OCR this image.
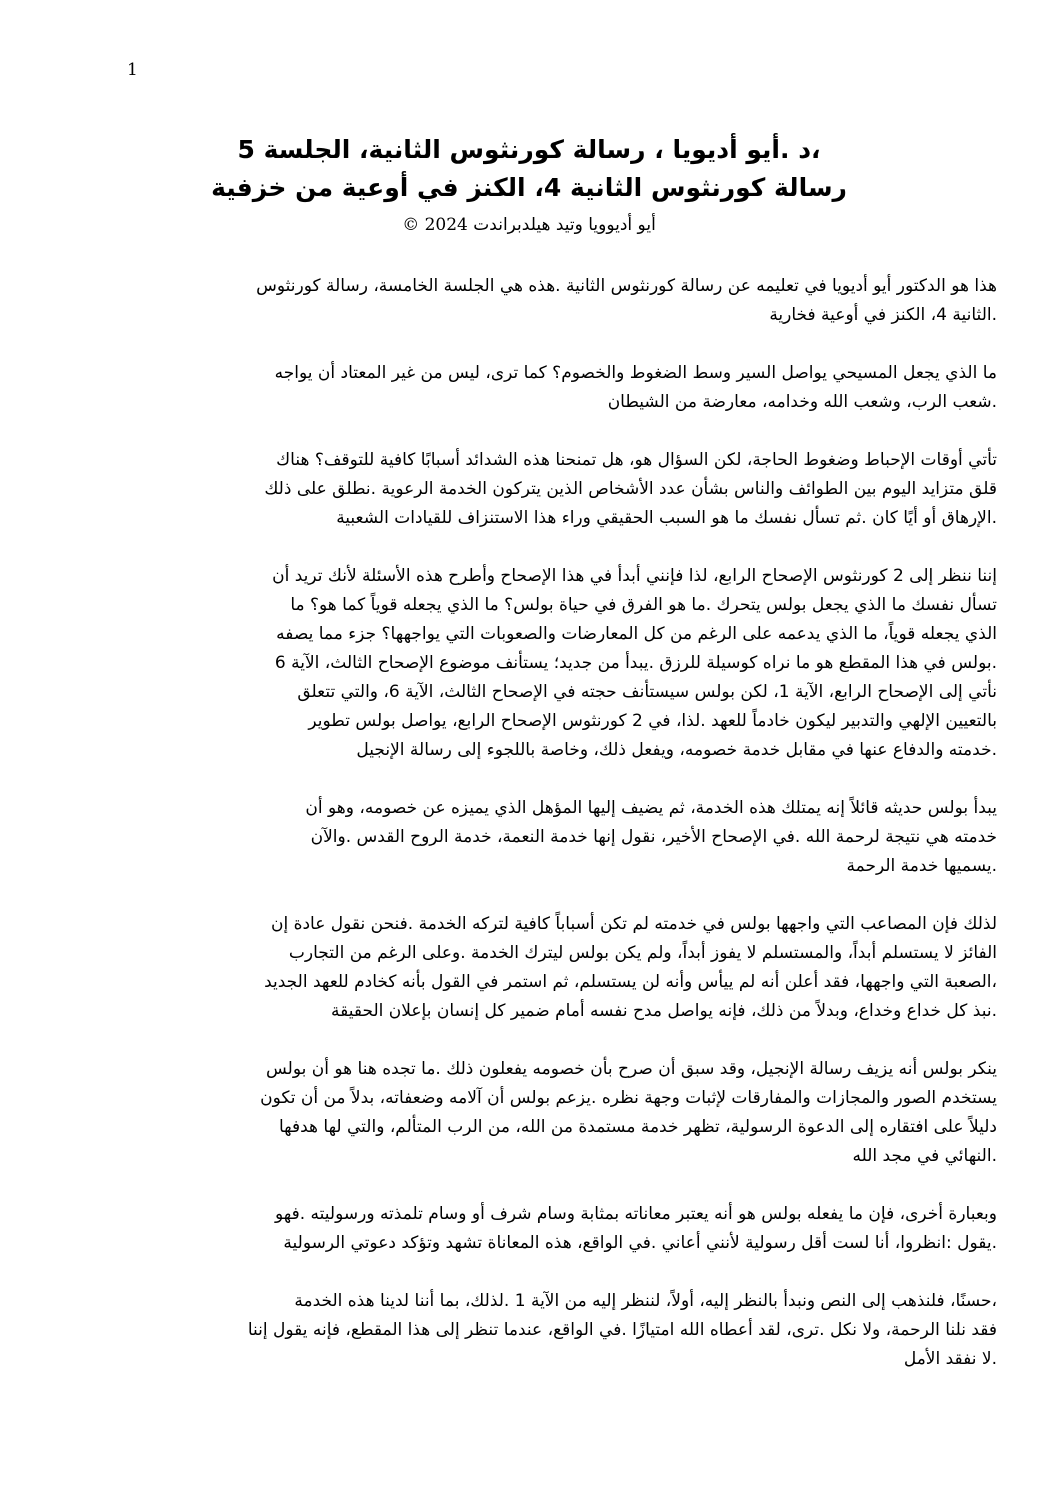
1
،د .أيو أديويا ، رسالة كورنثوس الثانية، الجلسة 5
رسالة كورنثوس الثانية 4، الكنز في أوعية من خزفية
أيو أديوويا وتيد هيلدبراندت 2024 ©
هذا هو الدكتور أيو أديويا في تعليمه عن رسالة كورنثوس الثانية .هذه هي الجلسة الخامسة، رسالة كورنثوس
.الثانية 4، الكنز في أوعية فخارية
ما الذي يجعل المسيحي يواصل السير وسط الضغوط والخصوم؟ كما ترى، ليس من غير المعتاد أن يواجه
.شعب الرب، وشعب الله وخدامه، معارضة من الشيطان
تأتي أوقات الإحباط وضغوط الحاجة، لكن السؤال هو، هل تمنحنا هذه الشدائد أسبابًا كافية للتوقف؟ هناك
قلق متزايد اليوم بين الطوائف والناس بشأن عدد الأشخاص الذين يتركون الخدمة الرعوية .نطلق على ذلك
.الإرهاق أو أيًا كان .ثم تسأل نفسك ما هو السبب الحقيقي وراء هذا الاستنزاف للقيادات الشعبية
إننا ننظر إلى 2 كورنثوس الإصحاح الرابع، لذا فإنني أبدأ في هذا الإصحاح وأطرح هذه الأسئلة لأنك تريد أن
تسأل نفسك ما الذي يجعل بولس يتحرك .ما هو الفرق في حياة بولس؟ ما الذي يجعله قوياً كما هو؟ ما
الذي يجعله قوياً، ما الذي يدعمه على الرغم من كل المعارضات والصعوبات التي يواجهها؟ جزء مما يصفه
.بولس في هذا المقطع هو ما نراه كوسيلة للرزق .يبدأ من جديد؛ يستأنف موضوع الإصحاح الثالث، الآية 6
نأتي إلى الإصحاح الرابع، الآية 1، لكن بولس سيستأنف حجته في الإصحاح الثالث، الآية 6، والتي تتعلق
بالتعيين الإلهي والتدبير ليكون خادماً للعهد .لذا، في 2 كورنثوس الإصحاح الرابع، يواصل بولس تطوير
.خدمته والدفاع عنها في مقابل خدمة خصومه، ويفعل ذلك، وخاصة باللجوء إلى رسالة الإنجيل
يبدأ بولس حديثه قائلاً إنه يمتلك هذه الخدمة، ثم يضيف إليها المؤهل الذي يميزه عن خصومه، وهو أن
خدمته هي نتيجة لرحمة الله .في الإصحاح الأخير، نقول إنها خدمة النعمة، خدمة الروح القدس .والآن
.يسميها خدمة الرحمة
لذلك فإن المصاعب التي واجهها بولس في خدمته لم تكن أسباباً كافية لتركه الخدمة .فنحن نقول عادة إن
الفائز لا يستسلم أبداً، والمستسلم لا يفوز أبداً، ولم يكن بولس ليترك الخدمة .وعلى الرغم من التجارب
،الصعبة التي واجهها، فقد أعلن أنه لم ييأس وأنه لن يستسلم، ثم استمر في القول بأنه كخادم للعهد الجديد
.نبذ كل خداع وخداع، وبدلاً من ذلك، فإنه يواصل مدح نفسه أمام ضمير كل إنسان بإعلان الحقيقة
ينكر بولس أنه يزيف رسالة الإنجيل، وقد سبق أن صرح بأن خصومه يفعلون ذلك .ما تجده هنا هو أن بولس
يستخدم الصور والمجازات والمفارقات لإثبات وجهة نظره .يزعم بولس أن آلامه وضعفاته، بدلاً من أن تكون
دليلاً على افتقاره إلى الدعوة الرسولية، تظهر خدمة مستمدة من الله، من الرب المتألم، والتي لها هدفها
.النهائي في مجد الله
وبعبارة أخرى، فإن ما يفعله بولس هو أنه يعتبر معاناته بمثابة وسام شرف أو وسام تلمذته ورسوليته .فهو
.يقول :انظروا، أنا لست أقل رسولية لأنني أعاني .في الواقع، هذه المعاناة تشهد وتؤكد دعوتي الرسولية
،حسنًا، فلنذهب إلى النص ونبدأ بالنظر إليه، أولاً، لننظر إليه من الآية 1 .لذلك، بما أننا لدينا هذه الخدمة
فقد نلنا الرحمة، ولا نكل .ترى، لقد أعطاه الله امتيازًا .في الواقع، عندما تنظر إلى هذا المقطع، فإنه يقول إننا
.لا نفقد الأمل
